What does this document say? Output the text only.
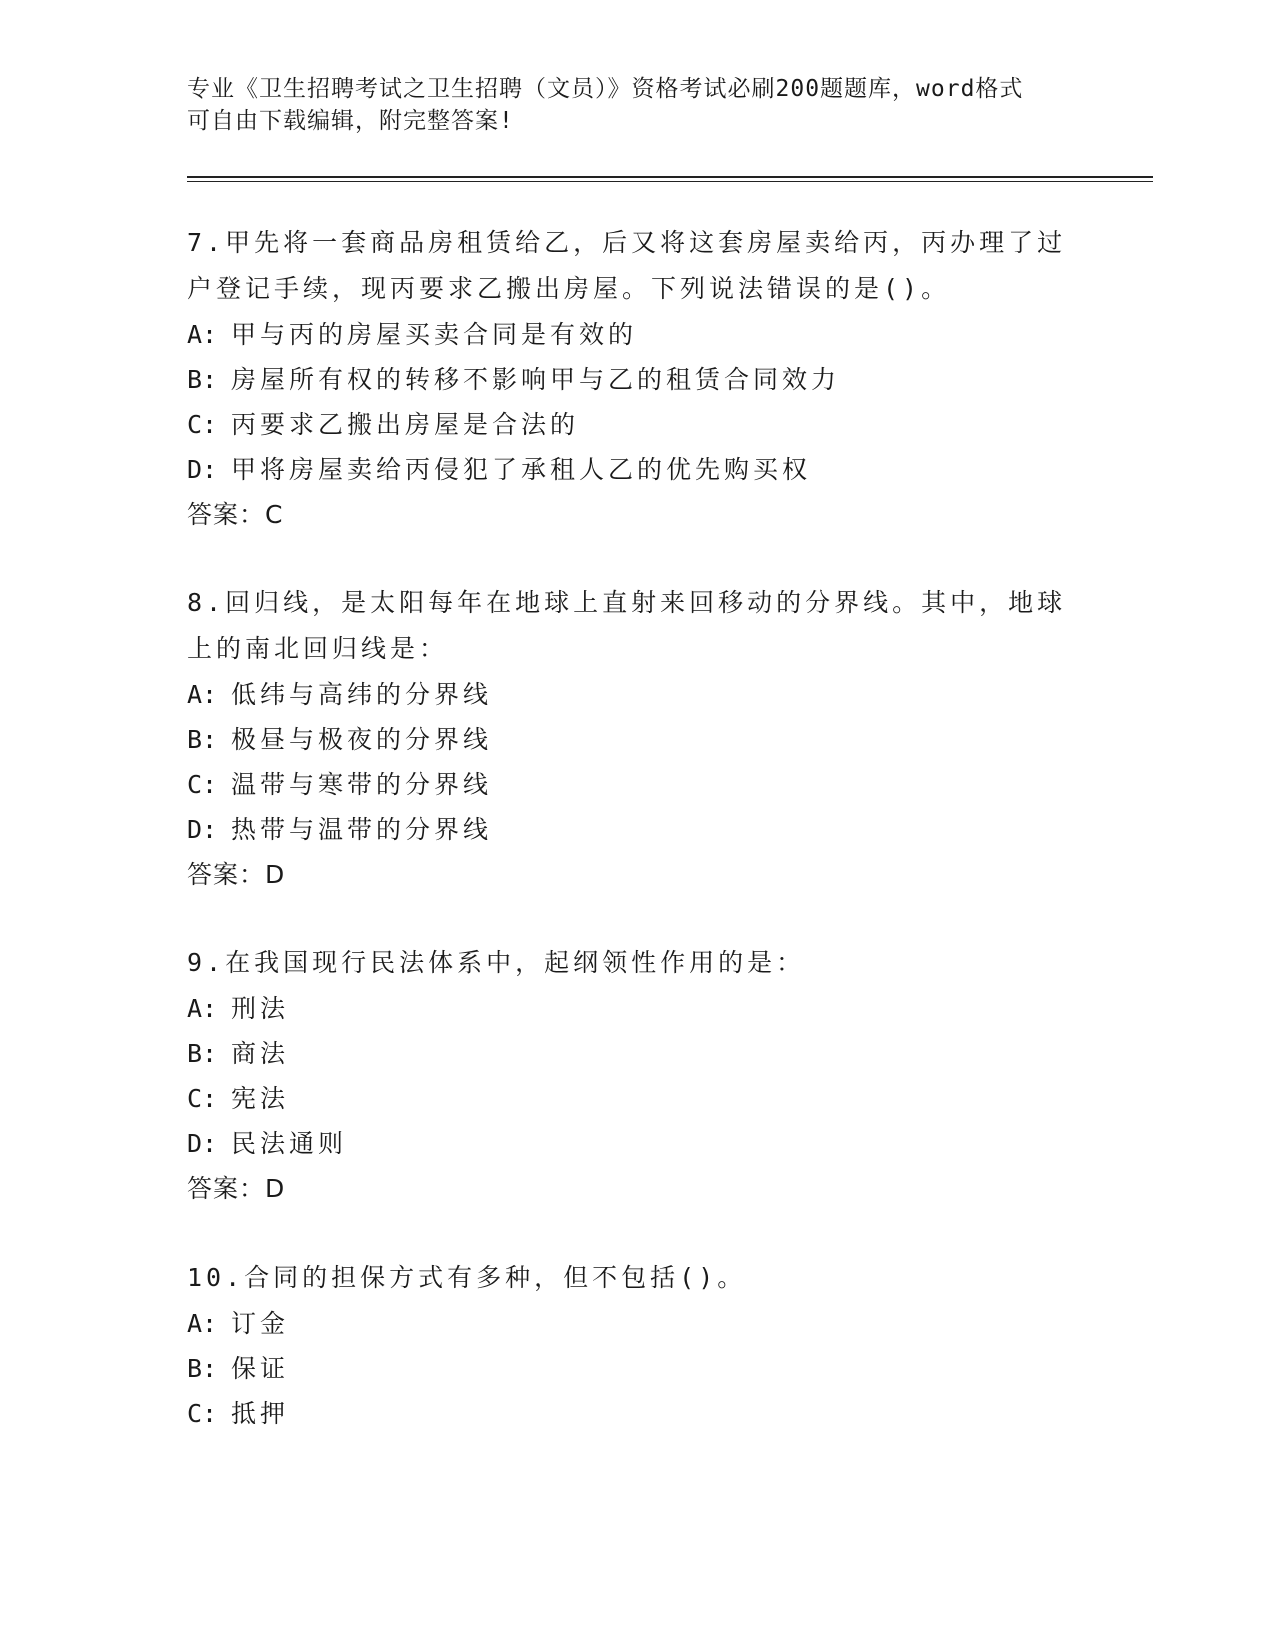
专业《卫生招聘考试之卫生招聘（文员）》资格考试必刷200题题库，word格式
可自由下载编辑，附完整答案!
7.甲先将一套商品房租赁给乙，后又将这套房屋卖给丙，丙办理了过户登记手续，现丙要求乙搬出房屋。下列说法错误的是()。
A: 甲与丙的房屋买卖合同是有效的
B: 房屋所有权的转移不影响甲与乙的租赁合同效力
C: 丙要求乙搬出房屋是合法的
D: 甲将房屋卖给丙侵犯了承租人乙的优先购买权
答案：C
8.回归线，是太阳每年在地球上直射来回移动的分界线。其中，地球上的南北回归线是：
A: 低纬与高纬的分界线
B: 极昼与极夜的分界线
C: 温带与寒带的分界线
D: 热带与温带的分界线
答案：D
9.在我国现行民法体系中，起纲领性作用的是：
A: 刑法
B: 商法
C: 宪法
D: 民法通则
答案：D
10.合同的担保方式有多种，但不包括()。
A: 订金
B: 保证
C: 抵押
